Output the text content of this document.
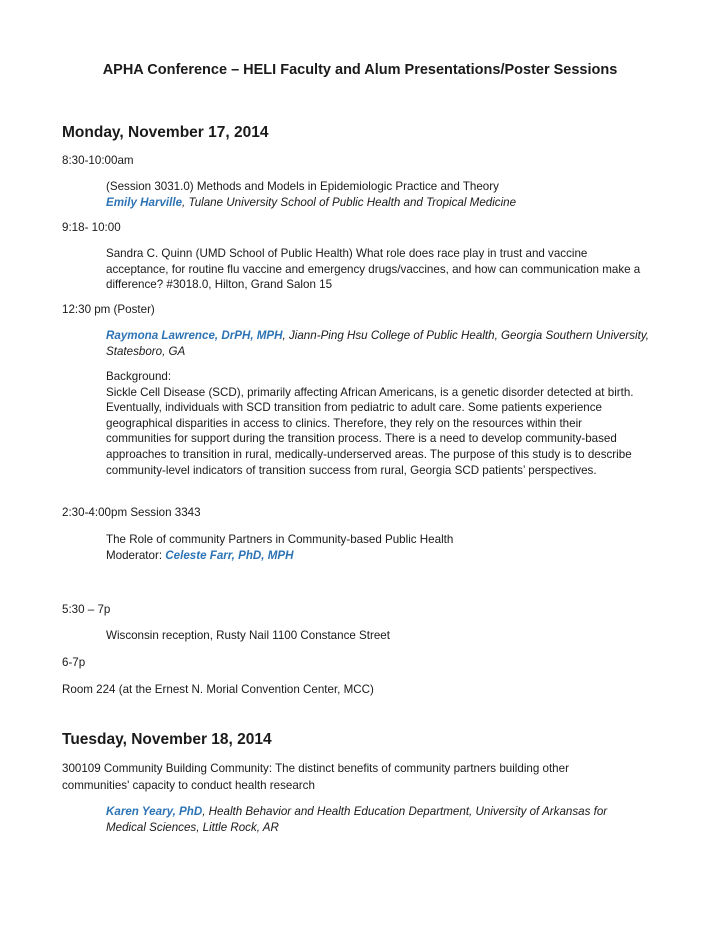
APHA Conference – HELI Faculty and Alum Presentations/Poster Sessions
Monday, November 17, 2014
8:30-10:00am

(Session 3031.0) Methods and Models in Epidemiologic Practice and Theory

Emily Harville, Tulane University School of Public Health and Tropical Medicine

9:18- 10:00

Sandra C. Quinn (UMD School of Public Health) What role does race play in trust and vaccine

acceptance, for routine flu vaccine and emergency drugs/vaccines, and how can communication make a

difference? #3018.0, Hilton, Grand Salon 15

12:30 pm (Poster)

Raymona Lawrence, DrPH, MPH, Jiann-Ping Hsu College of Public Health, Georgia Southern University,

Statesboro, GA

Background:

Sickle Cell Disease (SCD), primarily affecting African Americans, is a genetic disorder detected at birth.

Eventually, individuals with SCD transition from pediatric to adult care. Some patients experience

geographical disparities in access to clinics. Therefore, they rely on the resources within their

communities for support during the transition process. There is a need to develop community-based

approaches to transition in rural, medically-underserved areas. The purpose of this study is to describe

community-level indicators of transition success from rural, Georgia SCD patients’ perspectives.

2:30-4:00pm Session 3343

The Role of community Partners in Community-based Public Health

Moderator: Celeste Farr, PhD, MPH

5:30 – 7p
Wisconsin reception, Rusty Nail 1100 Constance Street
6-7p
Room 224 (at the Ernest N. Morial Convention Center, MCC)
Tuesday, November 18, 2014

300109 Community Building Community: The distinct benefits of community partners building other

communities' capacity to conduct health research

Karen Yeary, PhD, Health Behavior and Health Education Department, University of Arkansas for

Medical Sciences, Little Rock, AR
